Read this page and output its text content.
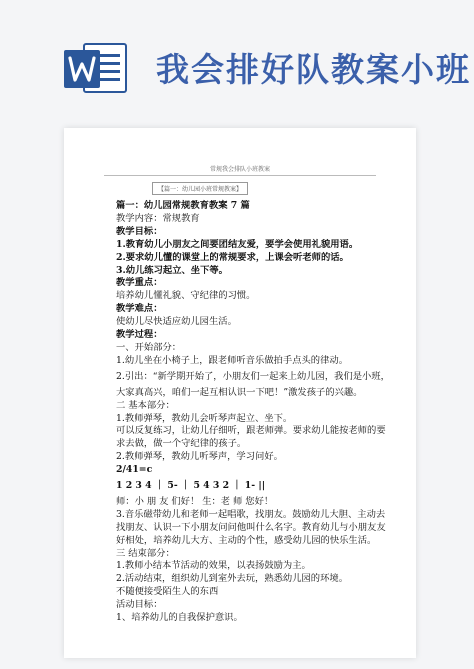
我会排好队教案小班
常规我会排队小班教案
【篇一：幼儿园小班常规教案】
篇一：幼儿园常规教育教案 7 篇
教学内容：常规教育
教学目标：
1.教育幼儿小朋友之间要团结友爱，要学会使用礼貌用语。
2.要求幼儿懂的课堂上的常规要求，上课会听老师的话。
3.幼儿练习起立、坐下等。
教学重点：
培养幼儿懂礼貌、守纪律的习惯。
教学难点：
使幼儿尽快适应幼儿园生活。
教学过程：
一、开始部分：
1.幼儿坐在小椅子上，跟老师听音乐做拍手点头的律动。
2.引出：“新学期开始了，小朋友们一起来上幼儿园，我们是小班，
大家真高兴，咱们一起互相认识一下吧！”激发孩子的兴趣。
二 基本部分：
1.教师弹琴，教幼儿会听琴声起立、坐下。
可以反复练习，让幼儿仔细听，跟老师弹。要求幼儿能按老师的要
求去做，做一个守纪律的孩子。
2.教师弹琴，教幼儿听琴声，学习问好。
2/41=c
1 2 3 4 ｜ 5- ｜ 5 4 3 2 ｜ 1- ||
师：小 朋 友 们好！ 生：老 师 您好！
3.音乐磁带幼儿和老师一起唱歌，找朋友。鼓励幼儿大胆、主动去
找朋友、认识一下小朋友问问他叫什么名字。教育幼儿与小朋友友
好相处，培养幼儿大方、主动的个性，感受幼儿园的快乐生活。
三 结束部分：
1.教师小结本节活动的效果，以表扬鼓励为主。
2.活动结束，组织幼儿到室外去玩，熟悉幼儿园的环境。
不随便接受陌生人的东西
活动目标：
1、培养幼儿的自我保护意识。
